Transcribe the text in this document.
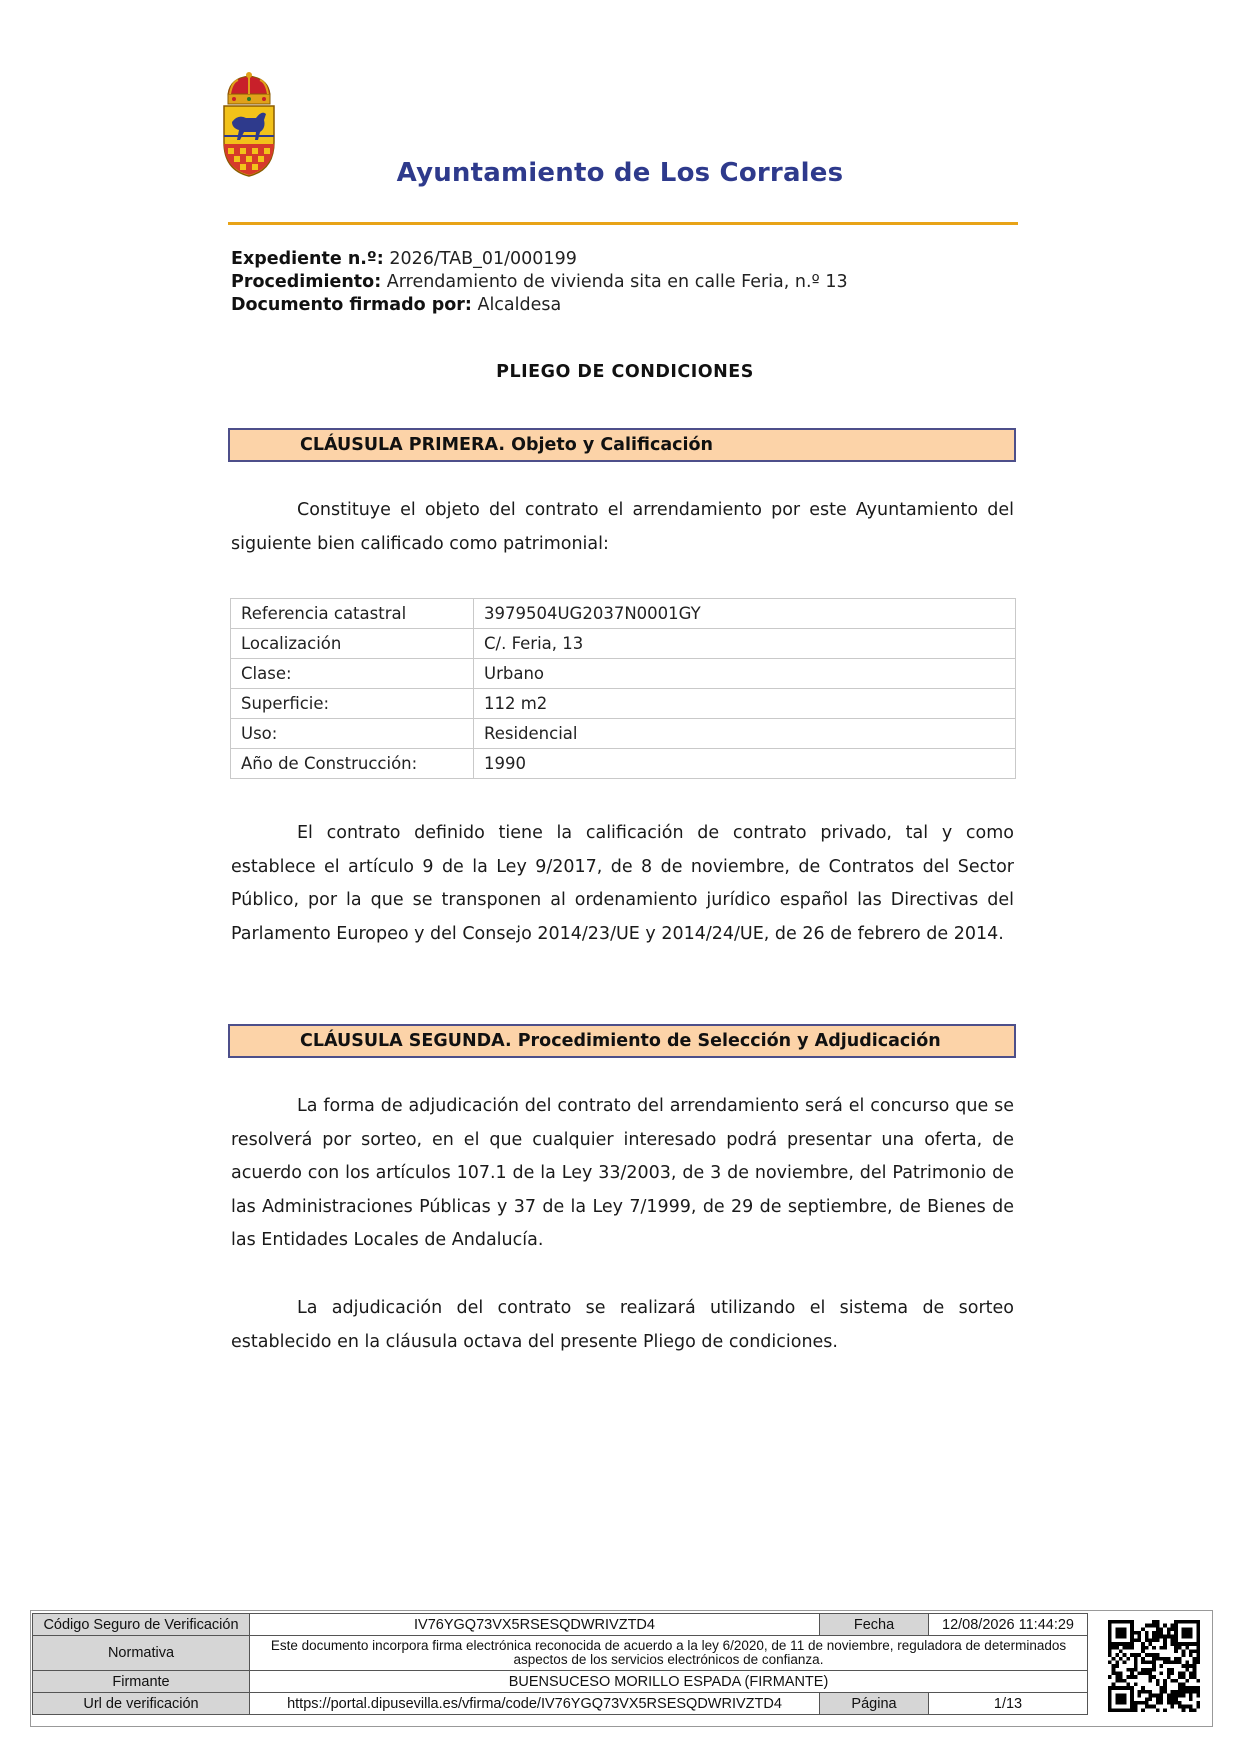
Ayuntamiento de Los Corrales
Expediente n.º: 2026/TAB_01/000199
Procedimiento: Arrendamiento de vivienda sita en calle Feria, n.º 13
Documento firmado por: Alcaldesa
PLIEGO DE CONDICIONES
CLÁUSULA PRIMERA. Objeto y Calificación

Constituye el objeto del contrato el arrendamiento por este Ayuntamiento del siguiente bien calificado como patrimonial:

Referencia catastral	3979504UG2037N0001GY
Localización	C/. Feria, 13
Clase:	Urbano
Superficie:	112 m2
Uso:	Residencial
Año de Construcción:	1990

El contrato definido tiene la calificación de contrato privado, tal y como establece el artículo 9 de la Ley 9/2017, de 8 de noviembre, de Contratos del Sector Público, por la que se transponen al ordenamiento jurídico español las Directivas del Parlamento Europeo y del Consejo 2014/23/UE y 2014/24/UE, de 26 de febrero de 2014.

CLÁUSULA SEGUNDA. Procedimiento de Selección y Adjudicación

La forma de adjudicación del contrato del arrendamiento será el concurso que se resolverá por sorteo, en el que cualquier interesado podrá presentar una oferta, de acuerdo con los artículos 107.1 de la Ley 33/2003, de 3 de noviembre, del Patrimonio de las Administraciones Públicas y 37 de la Ley 7/1999, de 29 de septiembre, de Bienes de las Entidades Locales de Andalucía.

La adjudicación del contrato se realizará utilizando el sistema de sorteo establecido en la cláusula octava del presente Pliego de condiciones.

Código Seguro de Verificación	IV76YGQ73VX5RSESQDWRIVZTD4	Fecha	12/08/2026 11:44:29
Normativa	Este documento incorpora firma electrónica reconocida de acuerdo a la ley 6/2020, de 11 de noviembre, reguladora de determinados aspectos de los servicios electrónicos de confianza.		
Firmante	BUENSUCESO MORILLO ESPADA (FIRMANTE)		
Url de verificación	https://portal.dipusevilla.es/vfirma/code/IV76YGQ73VX5RSESQDWRIVZTD4	Página	1/13
